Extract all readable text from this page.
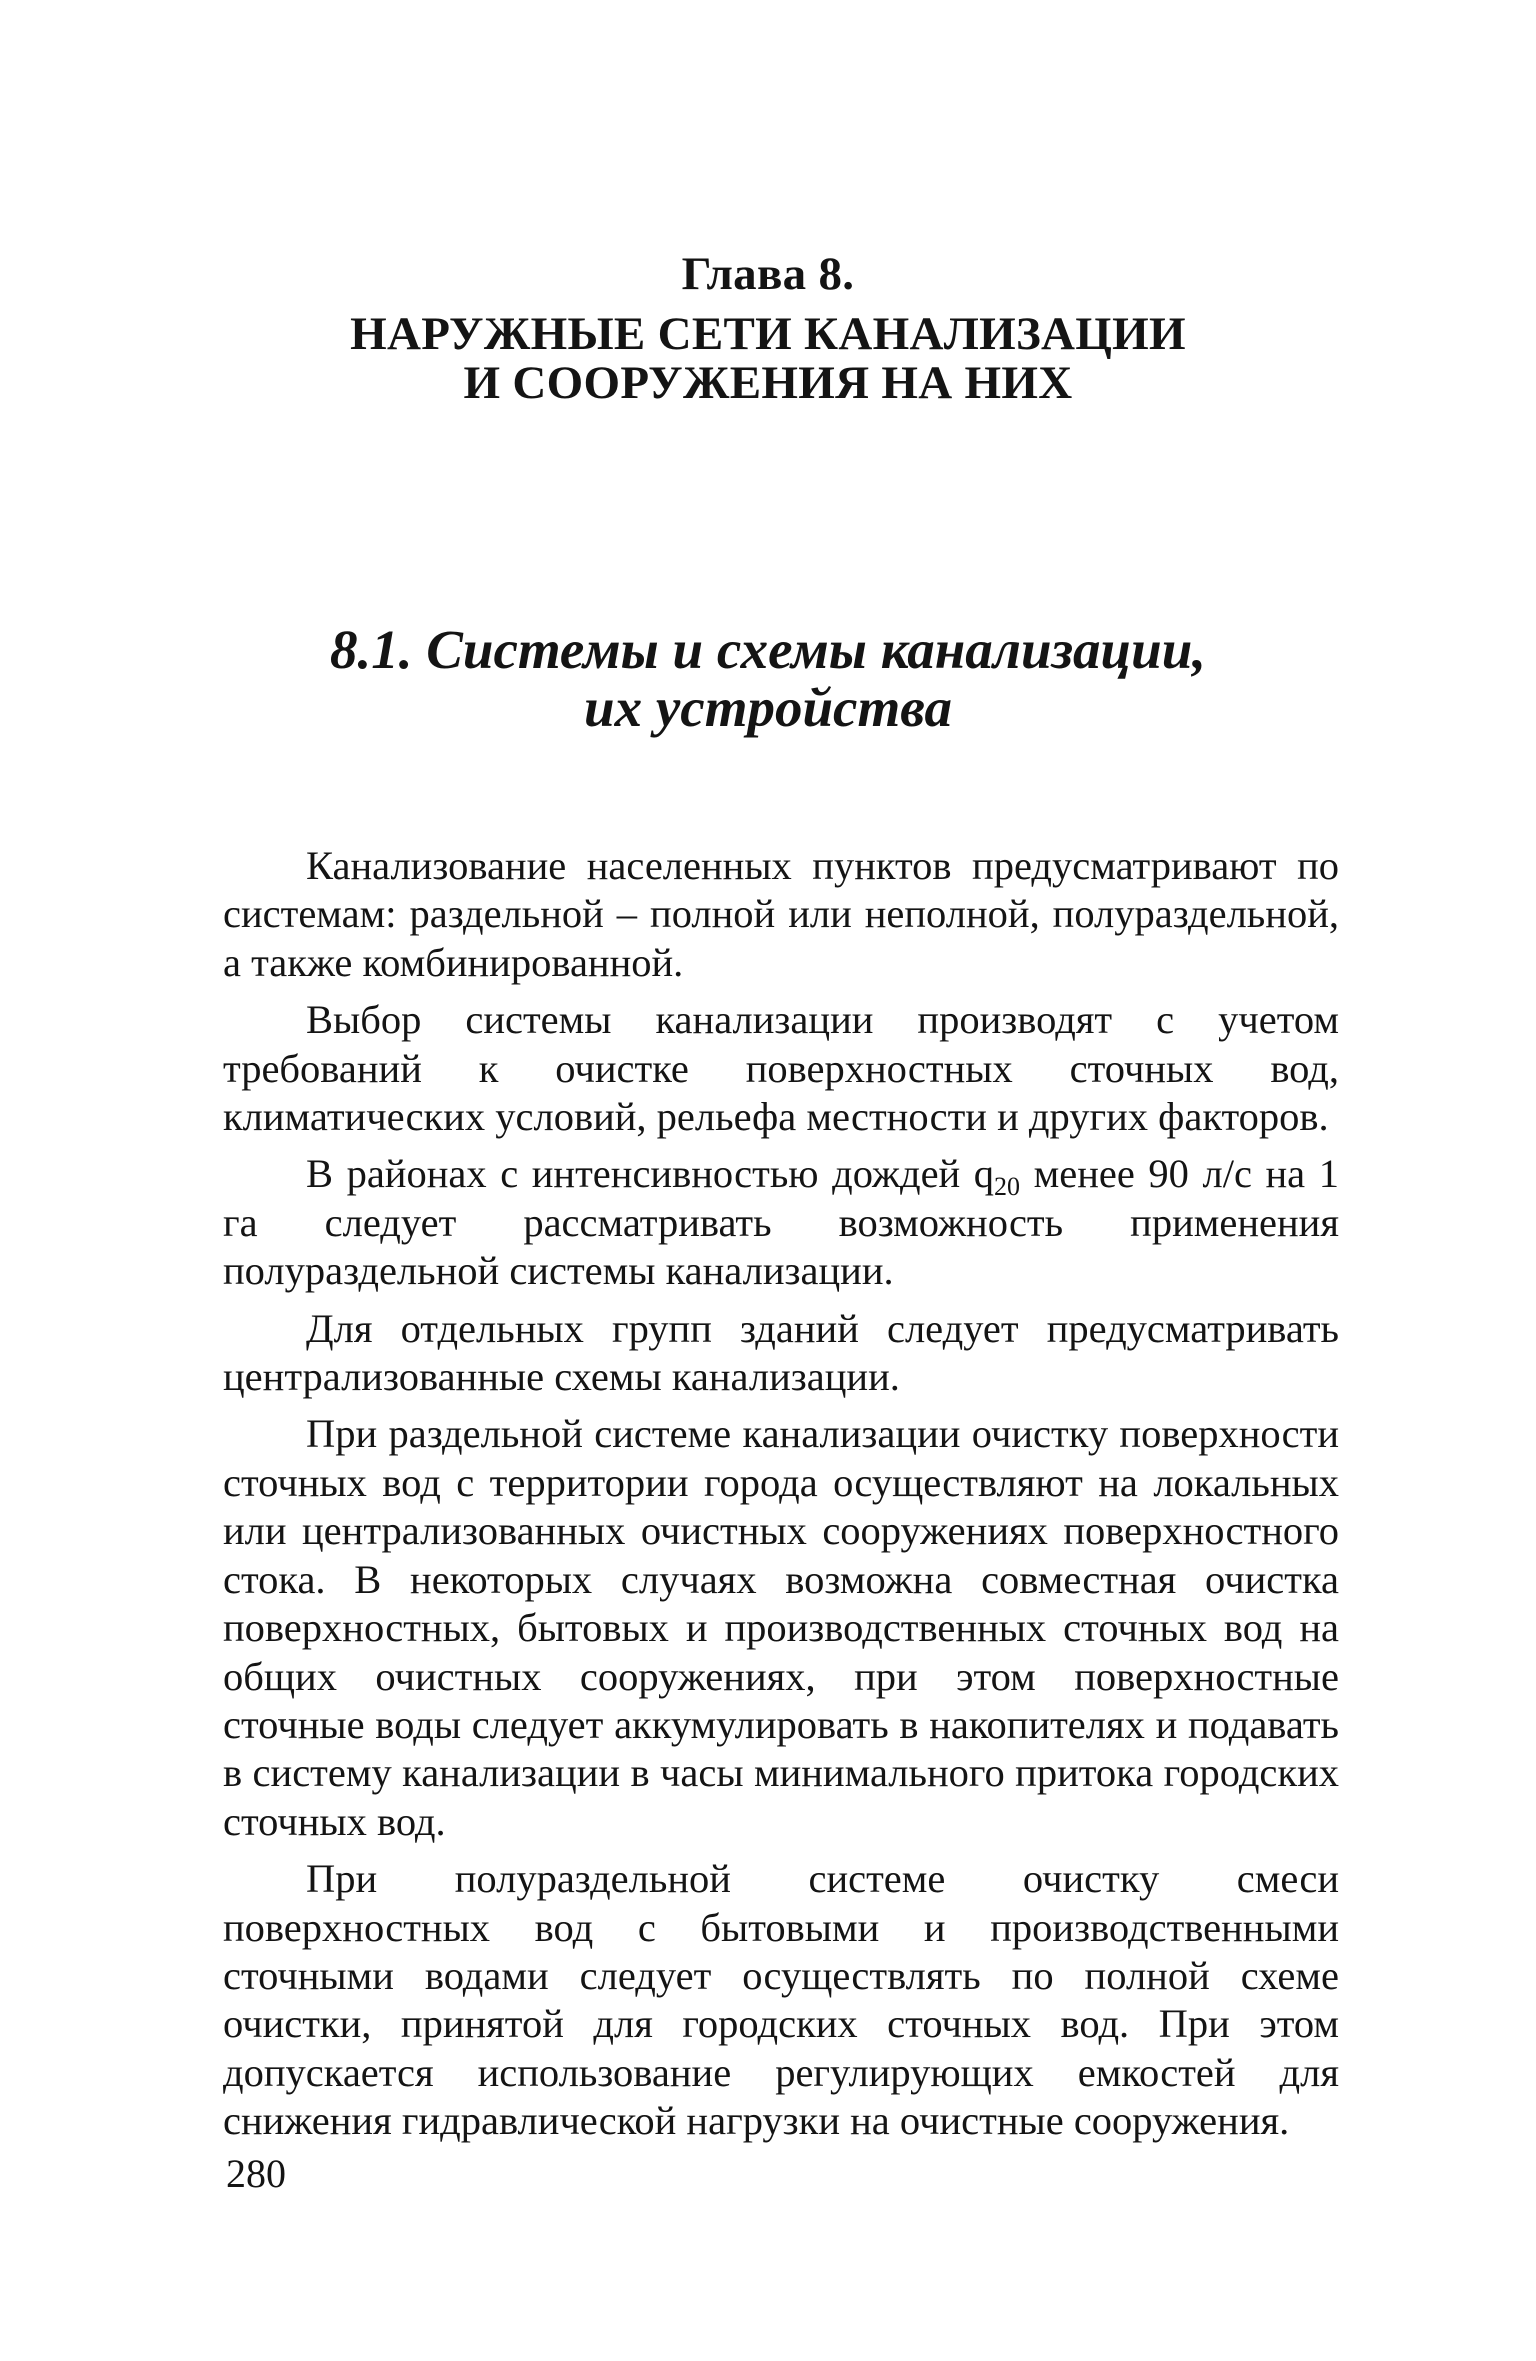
Глава 8.
НАРУЖНЫЕ СЕТИ КАНАЛИЗАЦИИ
И СООРУЖЕНИЯ НА НИХ
8.1. Системы и схемы канализации,
их устройства

Канализование населенных пунктов предусматривают по системам: раздельной – полной или неполной, полураздельной, а также комбинированной.

Выбор системы канализации производят с учетом требований к очистке поверхностных сточных вод, климатических условий, рельефа местности и других факторов.

В районах с интенсивностью дождей $q_{20}$ менее 90 л/с на 1 га следует рассматривать возможность применения полураздельной системы канализации.

Для отдельных групп зданий следует предусматривать централизованные схемы канализации.

При раздельной системе канализации очистку поверхности сточных вод с территории города осуществляют на локальных или централизованных очистных сооружениях поверхностного стока. В некоторых случаях возможна совместная очистка поверхностных, бытовых и производственных сточных вод на общих очистных сооружениях, при этом поверхностные сточные воды следует аккумулировать в накопителях и подавать в систему канализации в часы минимального притока городских сточных вод.

При полураздельной системе очистку смеси поверхностных вод с бытовыми и производственными сточными водами следует осуществлять по полной схеме очистки, принятой для городских сточных вод. При этом допускается использование регулирующих емкостей для снижения гидравлической нагрузки на очистные сооружения.

280
